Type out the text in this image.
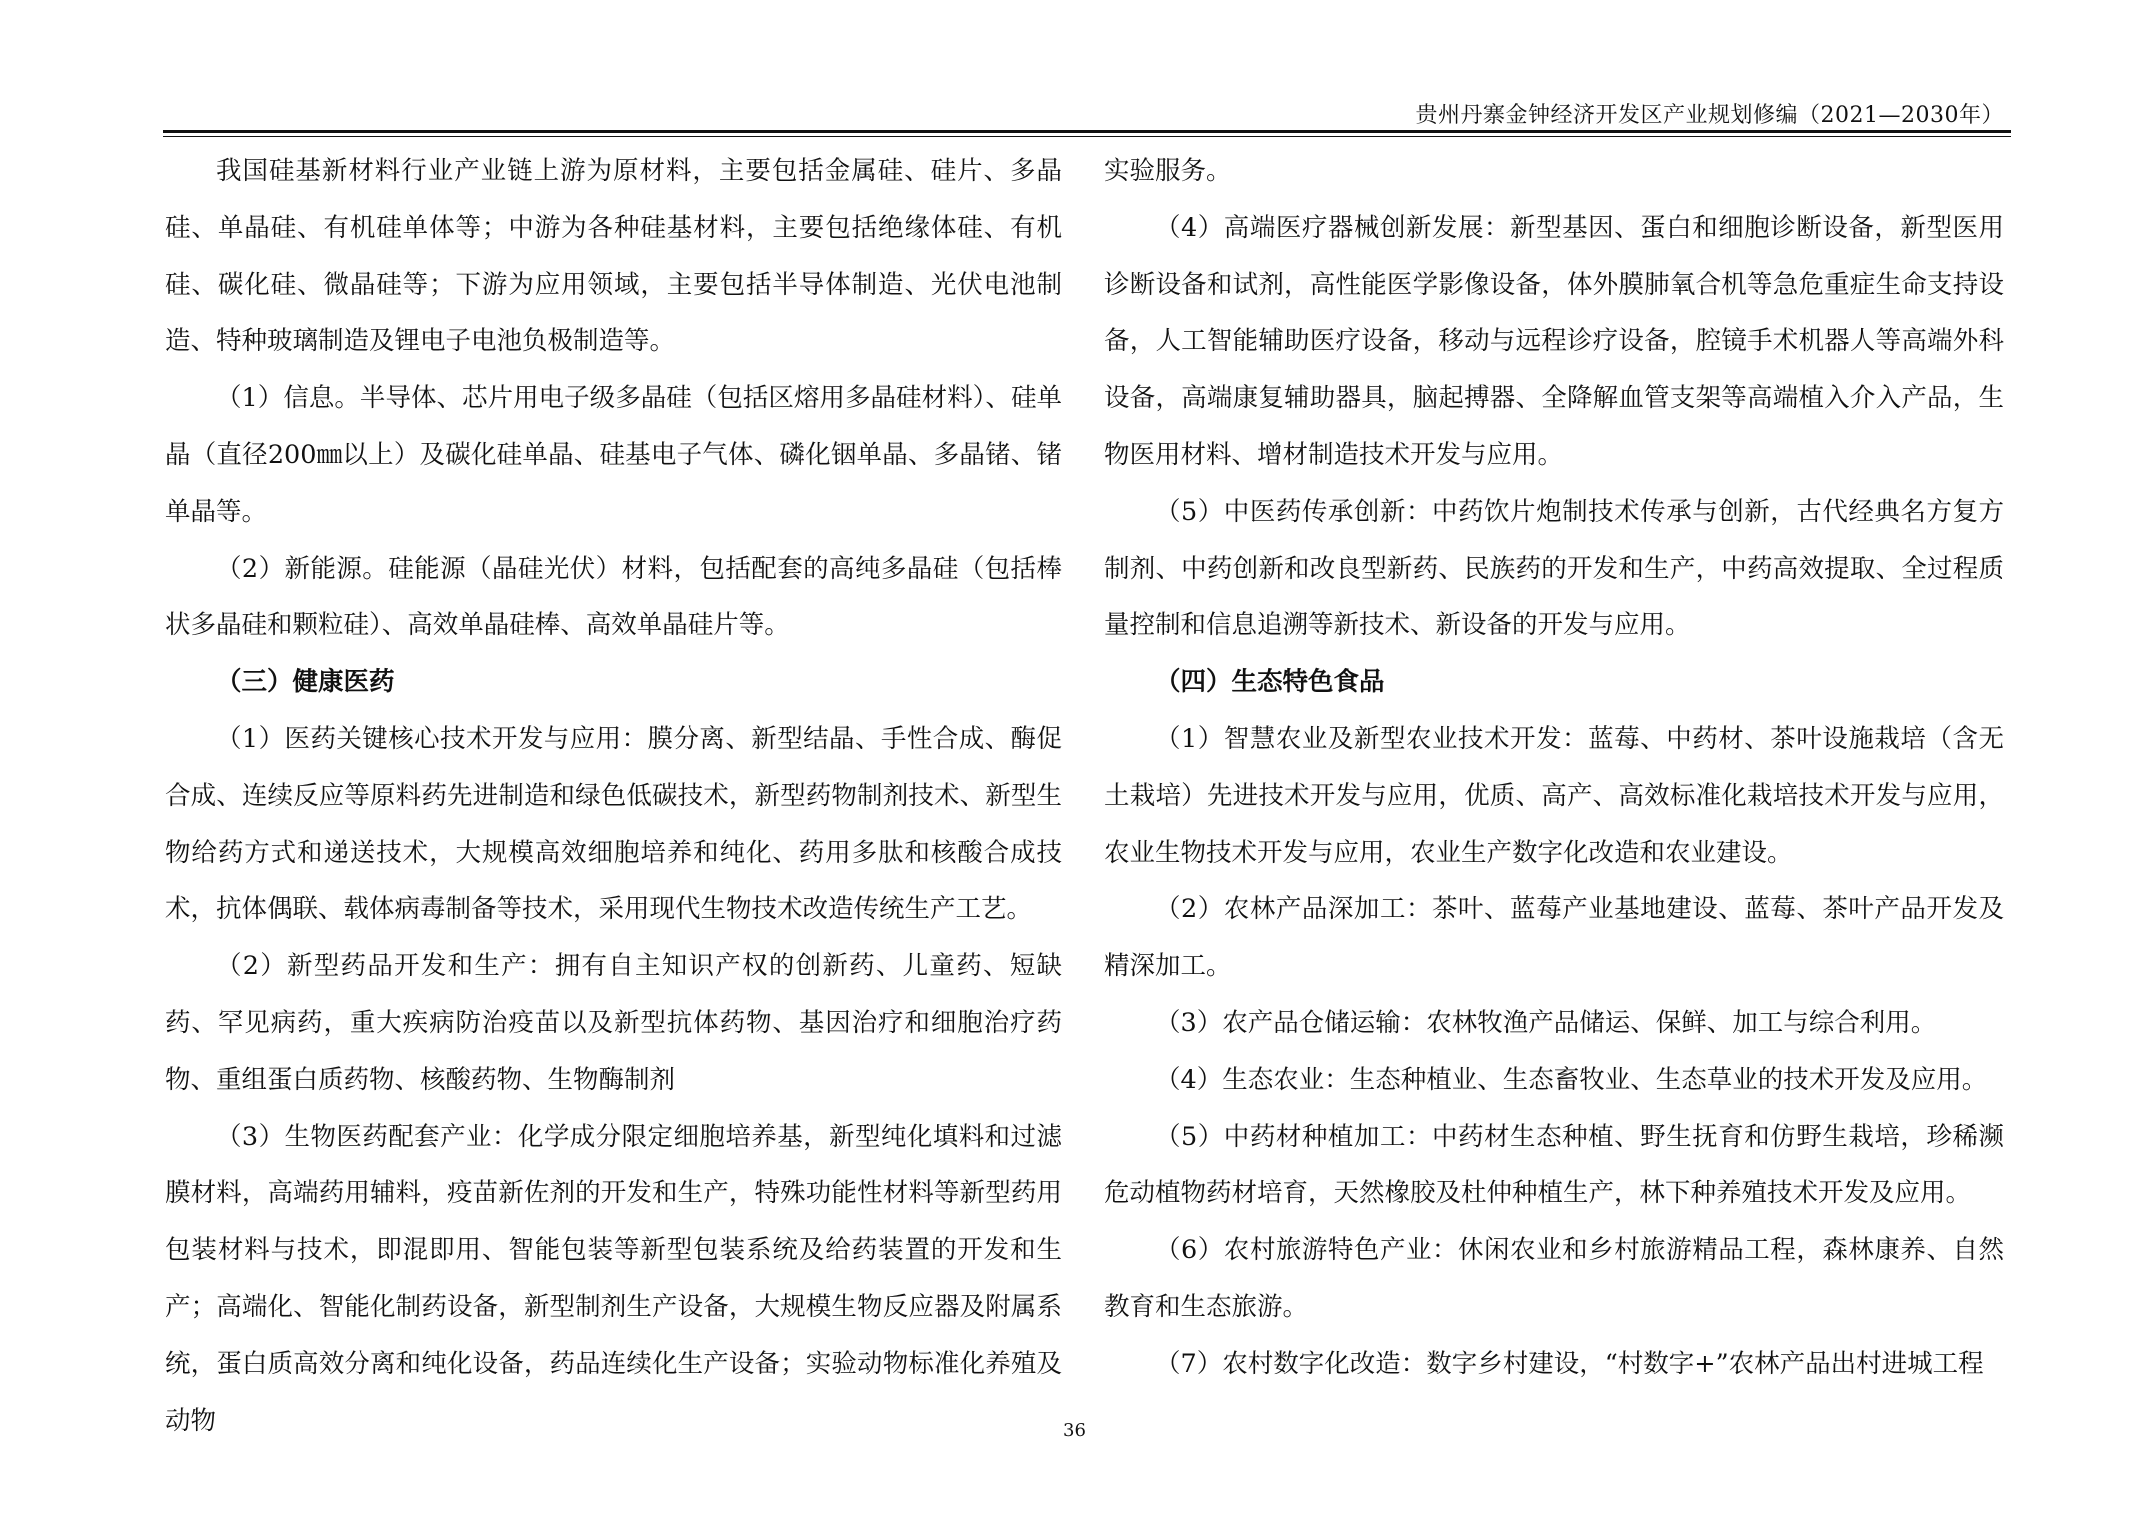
贵州丹寨金钟经济开发区产业规划修编（2021—2030年）

我国硅基新材料行业产业链上游为原材料，主要包括金属硅、硅片、多晶硅、单晶硅、有机硅单体等；中游为各种硅基材料，主要包括绝缘体硅、有机硅、碳化硅、微晶硅等；下游为应用领域，主要包括半导体制造、光伏电池制造、特种玻璃制造及锂电子电池负极制造等。

（1）信息。半导体、芯片用电子级多晶硅（包括区熔用多晶硅材料）、硅单晶（直径200㎜以上）及碳化硅单晶、硅基电子气体、磷化铟单晶、多晶锗、锗单晶等。

（2）新能源。硅能源（晶硅光伏）材料，包括配套的高纯多晶硅（包括棒状多晶硅和颗粒硅）、高效单晶硅棒、高效单晶硅片等。

（三）健康医药

（1）医药关键核心技术开发与应用：膜分离、新型结晶、手性合成、酶促合成、连续反应等原料药先进制造和绿色低碳技术，新型药物制剂技术、新型生物给药方式和递送技术，大规模高效细胞培养和纯化、药用多肽和核酸合成技术，抗体偶联、载体病毒制备等技术，采用现代生物技术改造传统生产工艺。

（2）新型药品开发和生产：拥有自主知识产权的创新药、儿童药、短缺药、罕见病药，重大疾病防治疫苗以及新型抗体药物、基因治疗和细胞治疗药物、重组蛋白质药物、核酸药物、生物酶制剂

（3）生物医药配套产业：化学成分限定细胞培养基，新型纯化填料和过滤膜材料，高端药用辅料，疫苗新佐剂的开发和生产，特殊功能性材料等新型药用包装材料与技术，即混即用、智能包装等新型包装系统及给药装置的开发和生产；高端化、智能化制药设备，新型制剂生产设备，大规模生物反应器及附属系统，蛋白质高效分离和纯化设备，药品连续化生产设备；实验动物标准化养殖及动物

实验服务。

（4）高端医疗器械创新发展：新型基因、蛋白和细胞诊断设备，新型医用诊断设备和试剂，高性能医学影像设备，体外膜肺氧合机等急危重症生命支持设备，人工智能辅助医疗设备，移动与远程诊疗设备，腔镜手术机器人等高端外科设备，高端康复辅助器具，脑起搏器、全降解血管支架等高端植入介入产品，生物医用材料、增材制造技术开发与应用。

（5）中医药传承创新：中药饮片炮制技术传承与创新，古代经典名方复方制剂、中药创新和改良型新药、民族药的开发和生产，中药高效提取、全过程质量控制和信息追溯等新技术、新设备的开发与应用。

（四）生态特色食品

（1）智慧农业及新型农业技术开发：蓝莓、中药材、茶叶设施栽培（含无土栽培）先进技术开发与应用，优质、高产、高效标准化栽培技术开发与应用，农业生物技术开发与应用，农业生产数字化改造和农业建设。

（2）农林产品深加工：茶叶、蓝莓产业基地建设、蓝莓、茶叶产品开发及精深加工。

（3）农产品仓储运输：农林牧渔产品储运、保鲜、加工与综合利用。

（4）生态农业：生态种植业、生态畜牧业、生态草业的技术开发及应用。

（5）中药材种植加工：中药材生态种植、野生抚育和仿野生栽培，珍稀濒危动植物药材培育，天然橡胶及杜仲种植生产，林下种养殖技术开发及应用。

（6）农村旅游特色产业：休闲农业和乡村旅游精品工程，森林康养、自然教育和生态旅游。

（7）农村数字化改造：数字乡村建设，“村数字+”农林产品出村进城工程

36
